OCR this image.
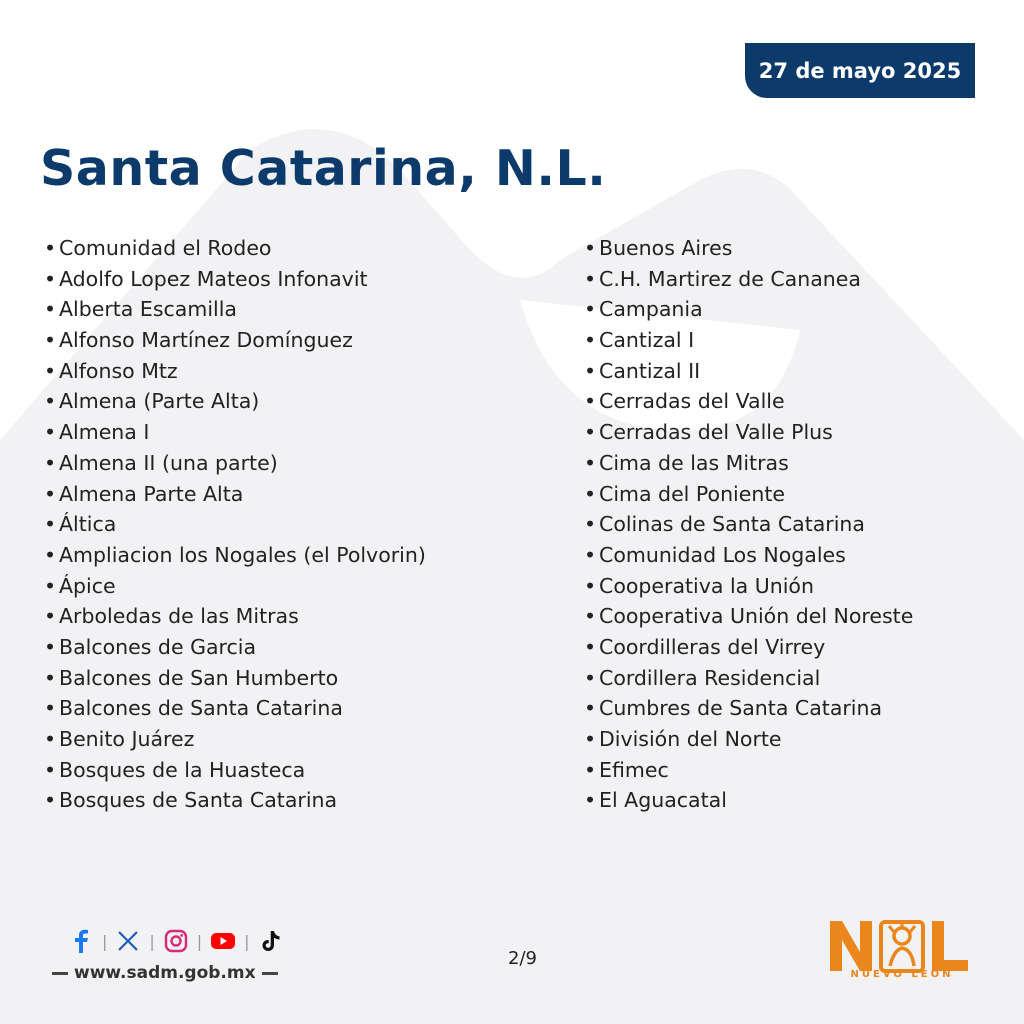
27 de mayo 2025
Santa Catarina, N.L.
• Comunidad el Rodeo
• Adolfo Lopez Mateos Infonavit
• Alberta Escamilla
• Alfonso Martínez Domínguez
• Alfonso Mtz
• Almena (Parte Alta)
• Almena I
• Almena II (una parte)
• Almena Parte Alta
• Áltica
• Ampliacion los Nogales (el Polvorin)
• Ápice
• Arboledas de las Mitras
• Balcones de Garcia
• Balcones de San Humberto
• Balcones de Santa Catarina
• Benito Juárez
• Bosques de la Huasteca
• Bosques de Santa Catarina
• Buenos Aires
• C.H. Martirez de Cananea
• Campania
• Cantizal I
• Cantizal II
• Cerradas del Valle
• Cerradas del Valle Plus
• Cima de las Mitras
• Cima del Poniente
• Colinas de Santa Catarina
• Comunidad Los Nogales
• Cooperativa la Unión
• Cooperativa Unión del Noreste
• Coordilleras del Virrey
• Cordillera Residencial
• Cumbres de Santa Catarina
• División del Norte
• Efimec
• El Aguacatal
|	|	|	|
www.sadm.gob.mx
2/9
NUEVO LEÓN
